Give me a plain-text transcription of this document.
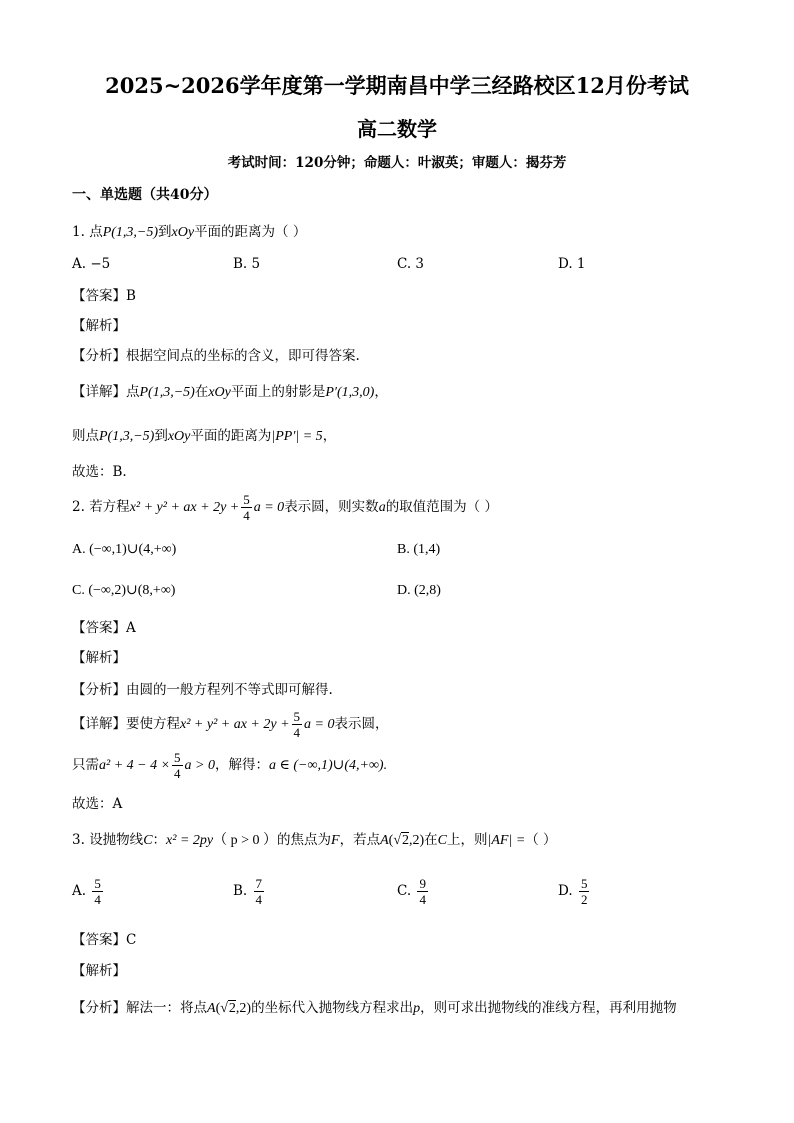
2025~2026学年度第一学期南昌中学三经路校区12月份考试
高二数学
考试时间：120分钟；命题人：叶淑英；审题人：揭芬芳
一、单选题（共40分）
1. 点P(1,3,−5)到xOy平面的距离为（ ）
A. −5	B. 5	C. 3	D. 1
【答案】B
【解析】
【分析】根据空间点的坐标的含义，即可得答案.
【详解】点P(1,3,−5)在xOy平面上的射影是P′(1,3,0)，
则点P(1,3,−5)到xOy平面的距离为|PP′| = 5，
故选：B.
2. 若方程x² + y² + ax + $2y + \frac{5}{4}$ a = 0表示圆，则实数a的取值范围为（ ）
A. (−∞,1)∪(4,+∞)	B. (1,4)
C. (−∞,2)∪(8,+∞)	D. (2,8)
【答案】A
【解析】
【分析】由圆的一般方程列不等式即可解得.
【详解】要使方程x² + y² + ax + $2y + \frac{5}{4}$ a = 0表示圆，
只需$a^2 + 4 - 4 \times \frac{5}{4}$ a > 0，解得：a ∈ (−∞,1)∪(4,+∞).
故选：A
3. 设抛物线C：x² = 2py（ p > 0 ）的焦点为F，若点A(√2,2)在C上，则|AF| =（ ）
A. $\frac{5}{4}$	B. $\frac{7}{4}$	C. $\frac{9}{4}$	D. $\frac{5}{2}$
【答案】C
【解析】
【分析】解法一：将点A(√2,2)的坐标代入抛物线方程求出p，则可求出抛物线的准线方程，再利用抛物
